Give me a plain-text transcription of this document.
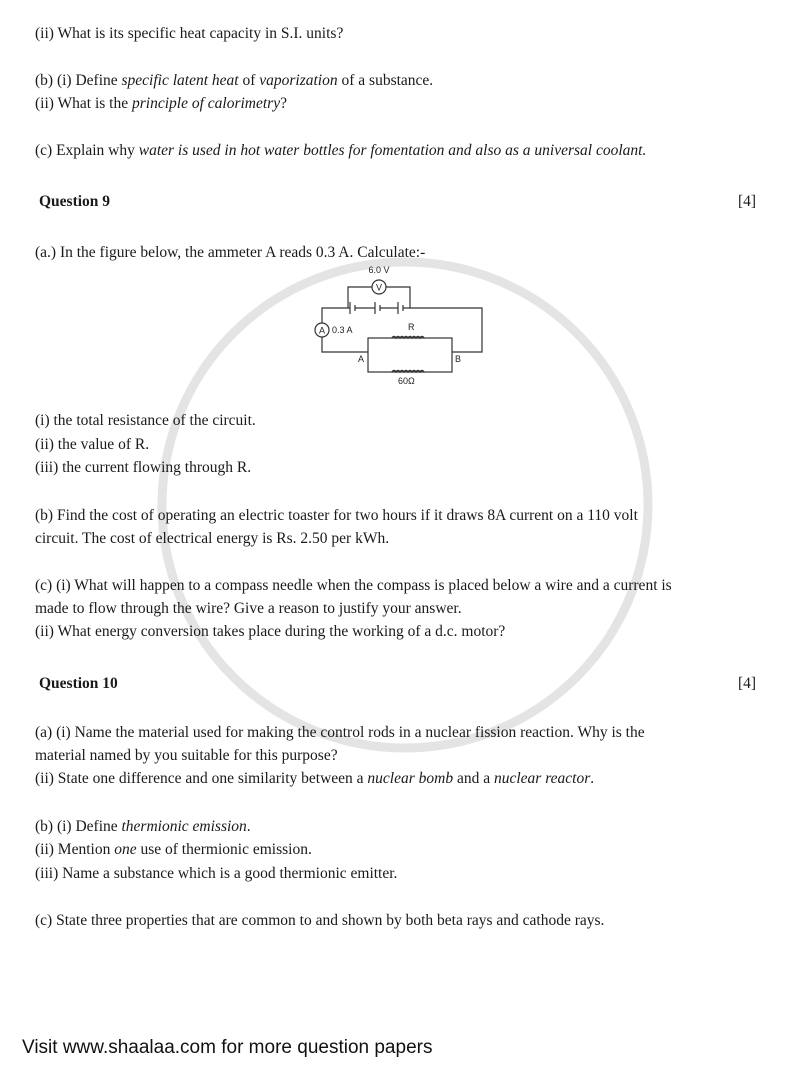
(ii) What is its specific heat capacity in S.I. units?
(b) (i) Define specific latent heat of vaporization of a substance.
(ii) What is the principle of calorimetry?
(c) Explain why water is used in hot water bottles for fomentation and also as a universal coolant.
Question 9	[4]
(a.) In the figure below, the ammeter A reads 0.3 A. Calculate:-
6.0 V
V
A 0.3 A	R
60Ω
A	B
(i) the total resistance of the circuit.
(ii) the value of R.
(iii) the current flowing through R.
(b) Find the cost of operating an electric toaster for two hours if it draws 8A current on a 110 volt
circuit. The cost of electrical energy is Rs. 2.50 per kWh.
(c) (i) What will happen to a compass needle when the compass is placed below a wire and a current is
made to flow through the wire? Give a reason to justify your answer.
(ii) What energy conversion takes place during the working of a d.c. motor?
Question 10	[4]
(a) (i) Name the material used for making the control rods in a nuclear fission reaction. Why is the
material named by you suitable for this purpose?
(ii) State one difference and one similarity between a nuclear bomb and a nuclear reactor.
(b) (i) Define thermionic emission.
(ii) Mention one use of thermionic emission.
(iii) Name a substance which is a good thermionic emitter.
(c) State three properties that are common to and shown by both beta rays and cathode rays.
Visit www.shaalaa.com for more question papers
